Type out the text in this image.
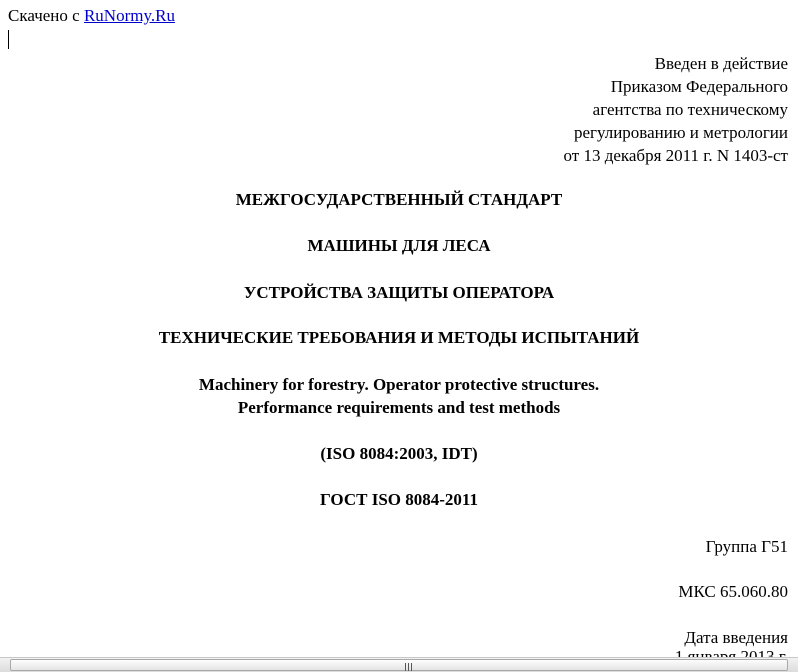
Скачено с RuNormy.Ru
Введен в действие
Приказом Федерального
агентства по техническому
регулированию и метрологии
от 13 декабря 2011 г. N 1403-ст
МЕЖГОСУДАРСТВЕННЫЙ СТАНДАРТ
МАШИНЫ ДЛЯ ЛЕСА
УСТРОЙСТВА ЗАЩИТЫ ОПЕРАТОРА
ТЕХНИЧЕСКИЕ ТРЕБОВАНИЯ И МЕТОДЫ ИСПЫТАНИЙ
Machinery for forestry. Operator protective structures.
Performance requirements and test methods
(ISO 8084:2003, IDT)
ГОСТ ISO 8084-2011
Группа Г51
МКС 65.060.80
Дата введения
